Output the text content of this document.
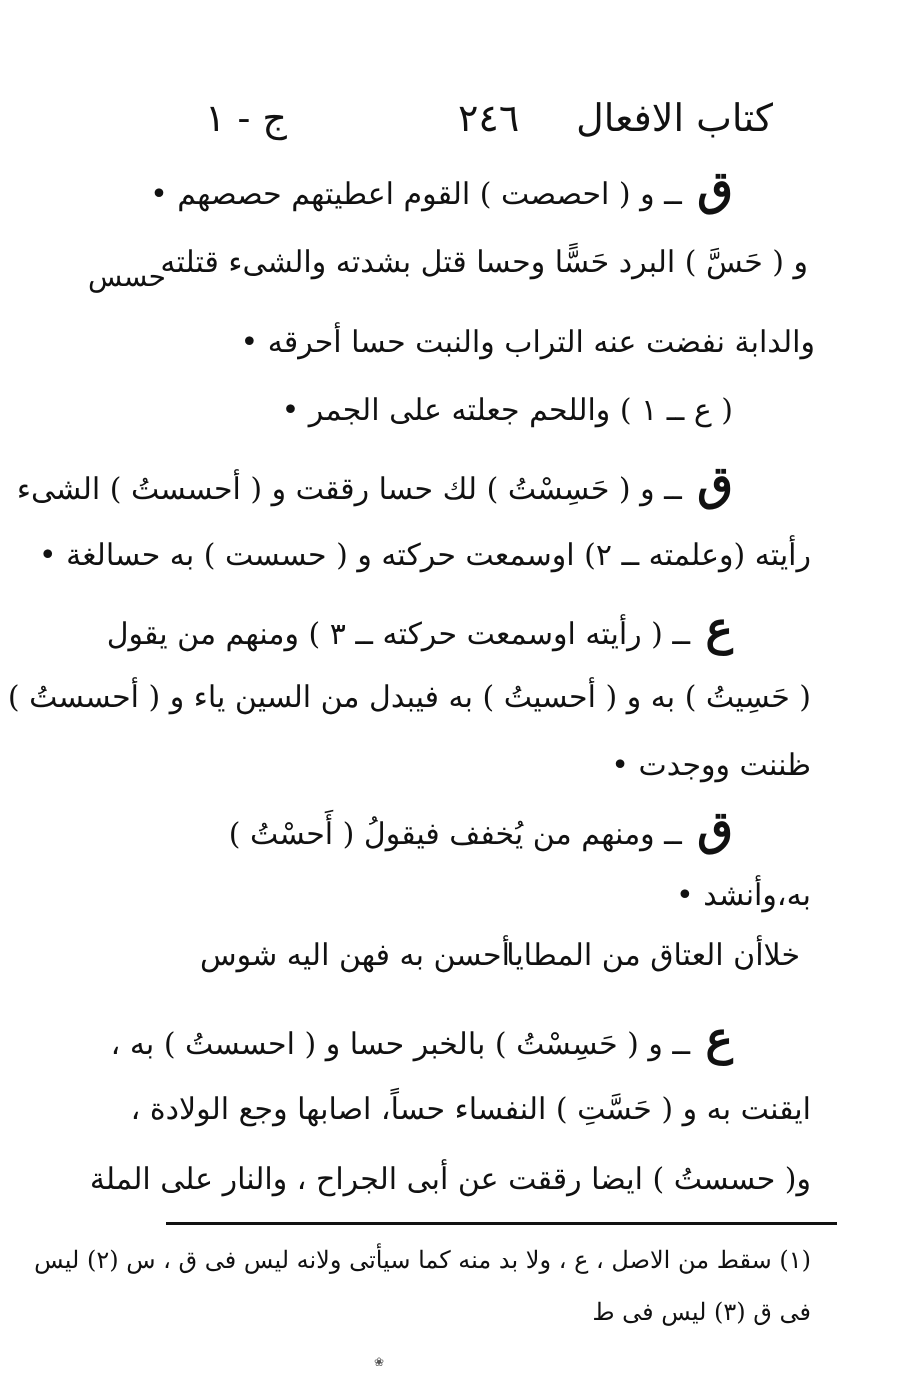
كتاب الافعال
٢٤٦
ج - ١
حسس
ق ــ و ( احصصت ) القوم اعطيتهم حصصهم •
و ( حَسَّ ) البرد حَسًّا وحسا قتل بشدته والشىء قتلته
والدابة نفضت عنه التراب والنبت حسا أحرقه •
( ع ــ ١ ) واللحم جعلته على الجمر •
ق ــ و ( حَسِسْتُ ) لك حسا رققت و ( أحسستُ ) الشىء
رأيته (وعلمته ــ ٢) اوسمعت حركته و ( حسست ) به حسالغة •
ع ــ ( رأيته اوسمعت حركته ــ ٣ ) ومنهم من يقول
( حَسِيتُ ) به و ( أحسيتُ ) به فيبدل من السين ياء و ( أحسستُ )
ظننت ووجدت •
ق ــ ومنهم من يُخفف فيقولُ ( أَحسْتُ )
به،وأنشد •
خلاأن العتاق من المطايا
أحسن به فهن اليه شوس
ع ــ و ( حَسِسْتُ ) بالخبر حسا و ( احسستُ ) به ،
ايقنت به و ( حَسَّتِ ) النفساء حساً، اصابها وجع الولادة ،
و( حسستُ ) ايضا رققت عن أبى الجراح ، والنار على الملة
(١) سقط من الاصل ، ع ، ولا بد منه كما سيأتى ولانه ليس فى ق ، س (٢) ليس
فى ق (٣) ليس فى ط
❀
